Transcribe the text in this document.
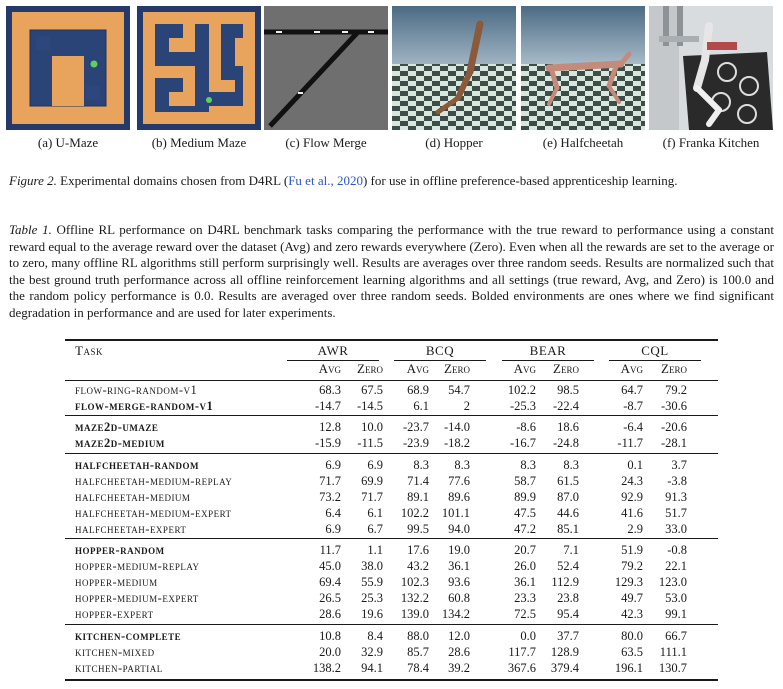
(a) U-Maze	(b) Medium Maze	(c) Flow Merge	(d) Hopper	(e) Halfcheetah	(f) Franka Kitchen
Figure 2. Experimental domains chosen from D4RL (Fu et al., 2020) for use in offline preference-based apprenticeship learning.
Table 1. Offline RL performance on D4RL benchmark tasks comparing the performance with the true reward to performance using a constant reward equal to the average reward over the dataset (Avg) and zero rewards everywhere (Zero). Even when all the rewards are set to the average or to zero, many offline RL algorithms still perform surprisingly well. Results are averages over three random seeds. Results are normalized such that the best ground truth performance across all offline reinforcement learning algorithms and all settings (true reward, Avg, and Zero) is 100.0 and the random policy performance is 0.0. Results are averaged over three random seeds. Bolded environments are ones where we find significant degradation in performance and are used for later experiments.
Task	AWR	BCQ	BEAR	CQL
Avg	Zero	Avg	Zero	Avg	Zero	Avg	Zero
flow-ring-random-v1	68.3	67.5	68.9	54.7	102.2	98.5	64.7	79.2
flow-merge-random-v1	-14.7	-14.5	6.1	2	-25.3	-22.4	-8.7	-30.6
maze2d-umaze	12.8	10.0	-23.7	-14.0	-8.6	18.6	-6.4	-20.6
maze2d-medium	-15.9	-11.5	-23.9	-18.2	-16.7	-24.8	-11.7	-28.1
halfcheetah-random	6.9	6.9	8.3	8.3	8.3	8.3	0.1	3.7
halfcheetah-medium-replay	71.7	69.9	71.4	77.6	58.7	61.5	24.3	-3.8
halfcheetah-medium	73.2	71.7	89.1	89.6	89.9	87.0	92.9	91.3
halfcheetah-medium-expert	6.4	6.1	102.2	101.1	47.5	44.6	41.6	51.7
halfcheetah-expert	6.9	6.7	99.5	94.0	47.2	85.1	2.9	33.0
hopper-random	11.7	1.1	17.6	19.0	20.7	7.1	51.9	-0.8
hopper-medium-replay	45.0	38.0	43.2	36.1	26.0	52.4	79.2	22.1
hopper-medium	69.4	55.9	102.3	93.6	36.1	112.9	129.3	123.0
hopper-medium-expert	26.5	25.3	132.2	60.8	23.3	23.8	49.7	53.0
hopper-expert	28.6	19.6	139.0	134.2	72.5	95.4	42.3	99.1
kitchen-complete	10.8	8.4	88.0	12.0	0.0	37.7	80.0	66.7
kitchen-mixed	20.0	32.9	85.7	28.6	117.7	128.9	63.5	111.1
kitchen-partial	138.2	94.1	78.4	39.2	367.6	379.4	196.1	130.7
